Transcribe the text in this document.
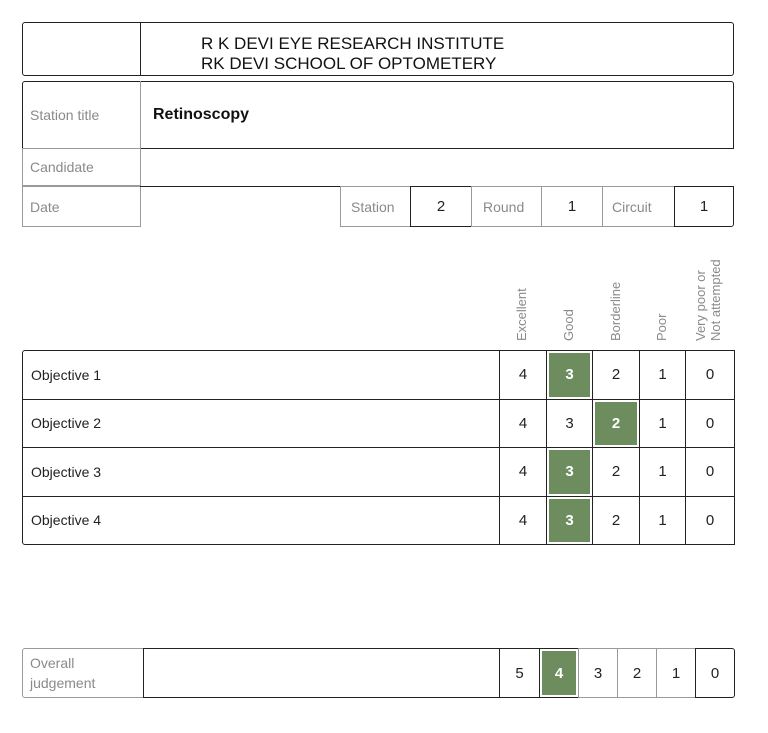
R K DEVI EYE RESEARCH INSTITUTE
RK DEVI SCHOOL OF OPTOMETERY
Station title	Retinoscopy
Candidate
Date	Station	2	Round	1	Circuit	1
Excellent Good Borderline Poor Very poor or Not attempted
Objective 1	4	3	2	1	0
Objective 2	4	3	2	1	0
Objective 3	4	3	2	1	0
Objective 4	4	3	2	1	0
Overall
judgement
5	4	3	2	1	0
